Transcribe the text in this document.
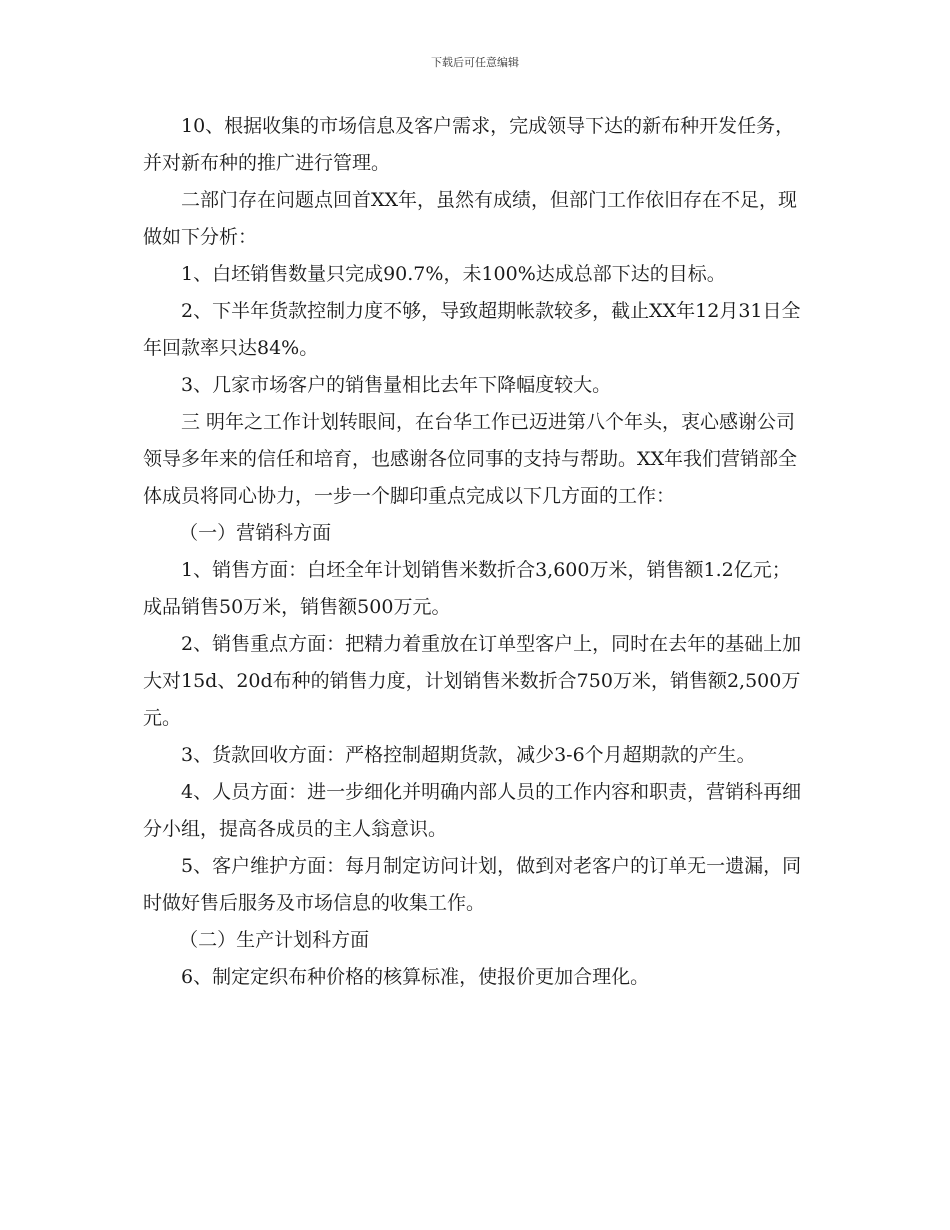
下载后可任意编辑

10、根据收集的市场信息及客户需求，完成领导下达的新布种开发任务，并对新布种的推广进行管理。

二部门存在问题点回首XX年，虽然有成绩，但部门工作依旧存在不足，现做如下分析：

1、白坯销售数量只完成90.7%，未100%达成总部下达的目标。

2、下半年货款控制力度不够，导致超期帐款较多，截止XX年12月31日全年回款率只达84%。

3、几家市场客户的销售量相比去年下降幅度较大。

三 明年之工作计划转眼间，在台华工作已迈进第八个年头，衷心感谢公司领导多年来的信任和培育，也感谢各位同事的支持与帮助。XX年我们营销部全体成员将同心协力，一步一个脚印重点完成以下几方面的工作：

（一）营销科方面

1、销售方面：白坯全年计划销售米数折合3,600万米，销售额1.2亿元；成品销售50万米，销售额500万元。

2、销售重点方面：把精力着重放在订单型客户上，同时在去年的基础上加大对15d、20d布种的销售力度，计划销售米数折合750万米，销售额2,500万元。

3、货款回收方面：严格控制超期货款，减少3-6个月超期款的产生。

4、人员方面：进一步细化并明确内部人员的工作内容和职责，营销科再细分小组，提高各成员的主人翁意识。

5、客户维护方面：每月制定访问计划，做到对老客户的订单无一遗漏，同时做好售后服务及市场信息的收集工作。

（二）生产计划科方面

6、制定定织布种价格的核算标准，使报价更加合理化。
